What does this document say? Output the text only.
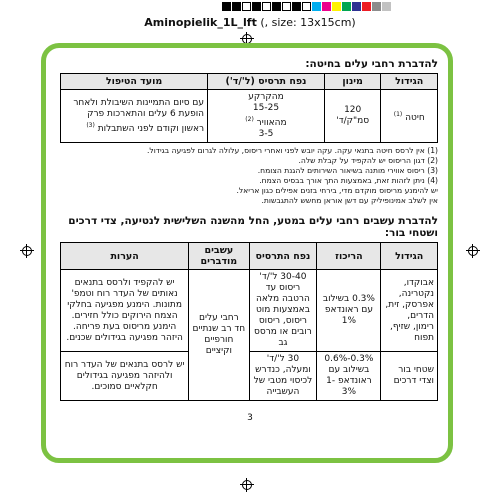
Aminopielik_1L_lft (, size: 13x15cm)
להדברת רחבי עלים בחיטה:
הגידול	מינון	נפח תרסיס (ל'/ד')	מועד הטיפול
חיטה $^{(1)}$	120 סמ"ק/ד'	מהקרקע
15-25
מהאוויר $^{(2)}$
3-5	עם סיום התמיינות השיבולת ולאחר הופעת 6 עלים והתארכות פרק ראשון וקודם לפני השתבלות $^{(3)}$

(1) אין לרסס חיטה בתנאי עקה. עקה יובש לפני ואחרי ריסוס, עלולה לגרום לפגיעה בגידול.

(2) דגון הריסוס יש להקפיד על קבלת שלה.

(3) ריסוס אווירי מותנה בשיאור השירותים להגנת הצומח.

(4) ניתן לזהות זאת, באמצעות התך אורך בבסיס הצמח.

יש להימנע מריסוס מוקדם מדי, בירחי בזנים אפילים כגון אריאל.

אין לשלב אמינופיליק עם דשן אוראן מחשש להתגבשות.

להדברת עשבים רחבי עלים במטע, החל מהשנה השלישית לנטיעה, צדי דרכים ושטחי בור:
הגידול	הריכוז	נפח התרסיס	עשבים מודברים	הערות
אבוקדו, נקטרינה, אפרסק, זית, הדרים, רימון, שזיף, תפוח	0.3% בשילוב עם ראונדאפ 1%	30-40 ל'/ד' ריסוס עד הרטבה מלאה באמצעות מוט ריסוס, ריסוס רובים או מרסס גב	רחבי עלים חד רב שנתיים חורפיים וקיציים	יש להקפיד ולרסס בתנאים נאותים של העדר רוח וטמפ' מתונות. הימנע מפגיעה בחלקי הצמח הירוקים כולל חזירים. הימנע מריסוס בעת פריחה. היזהר מפגיעה בגידולים שכנים.
שטחי בור וצדי דרכים	0.3%-0.6% בשילוב עם ראונדאפ 1-3%	30 ל'/ד' ומעלה, כנדרש לכיסוי מטבי של העשבייה		יש לרסס בתנאים של העדר רוח ולהיזהר מפגיעה בגידולים חקלאיים סמוכים.
3
